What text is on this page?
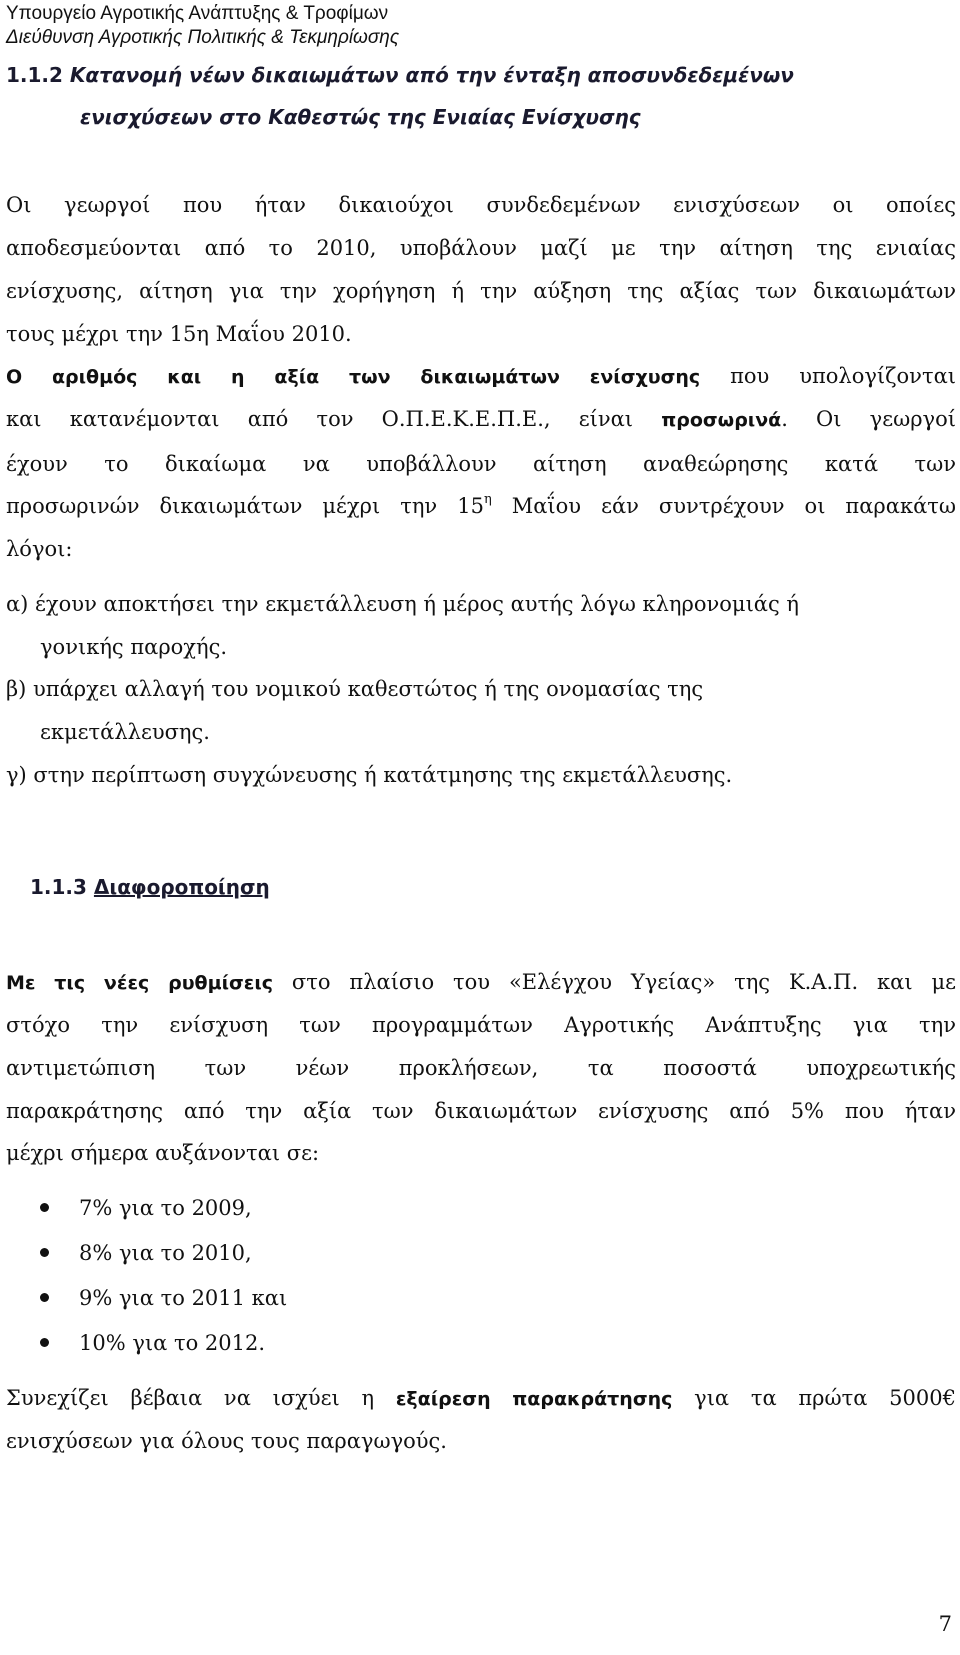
Υπουργείο Αγροτικής Ανάπτυξης & Τροφίμων
Διεύθυνση Αγροτικής Πολιτικής & Τεκμηρίωσης
1.1.2 Κατανομή νέων δικαιωμάτων από την ένταξη αποσυνδεδεμένων
ενισχύσεων στο Καθεστώς της Ενιαίας Ενίσχυσης
Οι γεωργοί που ήταν δικαιούχοι συνδεδεμένων ενισχύσεων οι οποίες
αποδεσμεύονται από το 2010, υποβάλουν μαζί με την αίτηση της ενιαίας
ενίσχυσης, αίτηση για την χορήγηση ή την αύξηση της αξίας των δικαιωμάτων
τους μέχρι την 15η Μαΐου 2010.
Ο αριθμός και η αξία των δικαιωμάτων ενίσχυσης που υπολογίζονται
και κατανέμονται από τον Ο.Π.Ε.Κ.Ε.Π.Ε., είναι προσωρινά. Οι γεωργοί
έχουν το δικαίωμα να υποβάλλουν αίτηση αναθεώρησης κατά των
προσωρινών δικαιωμάτων μέχρι την $15^\eta$ Μαΐου εάν συντρέχουν οι παρακάτω
λόγοι:
α) έχουν αποκτήσει την εκμετάλλευση ή μέρος αυτής λόγω κληρονομιάς ή
γονικής παροχής.
β) υπάρχει αλλαγή του νομικού καθεστώτος ή της ονομασίας της
εκμετάλλευσης.
γ) στην περίπτωση συγχώνευσης ή κατάτμησης της εκμετάλλευσης.
1.1.3 Διαφοροποίηση
Με τις νέες ρυθμίσεις στο πλαίσιο του «Ελέγχου Υγείας» της Κ.Α.Π. και με
στόχο την ενίσχυση των προγραμμάτων Αγροτικής Ανάπτυξης για την
αντιμετώπιση των νέων προκλήσεων, τα ποσοστά υποχρεωτικής
παρακράτησης από την αξία των δικαιωμάτων ενίσχυσης από 5% που ήταν
μέχρι σήμερα αυξάνονται σε:
7% για το 2009,
8% για το 2010,
9% για το 2011 και
10% για το 2012.
Συνεχίζει βέβαια να ισχύει η εξαίρεση παρακράτησης για τα πρώτα 5000€
ενισχύσεων για όλους τους παραγωγούς.
7
